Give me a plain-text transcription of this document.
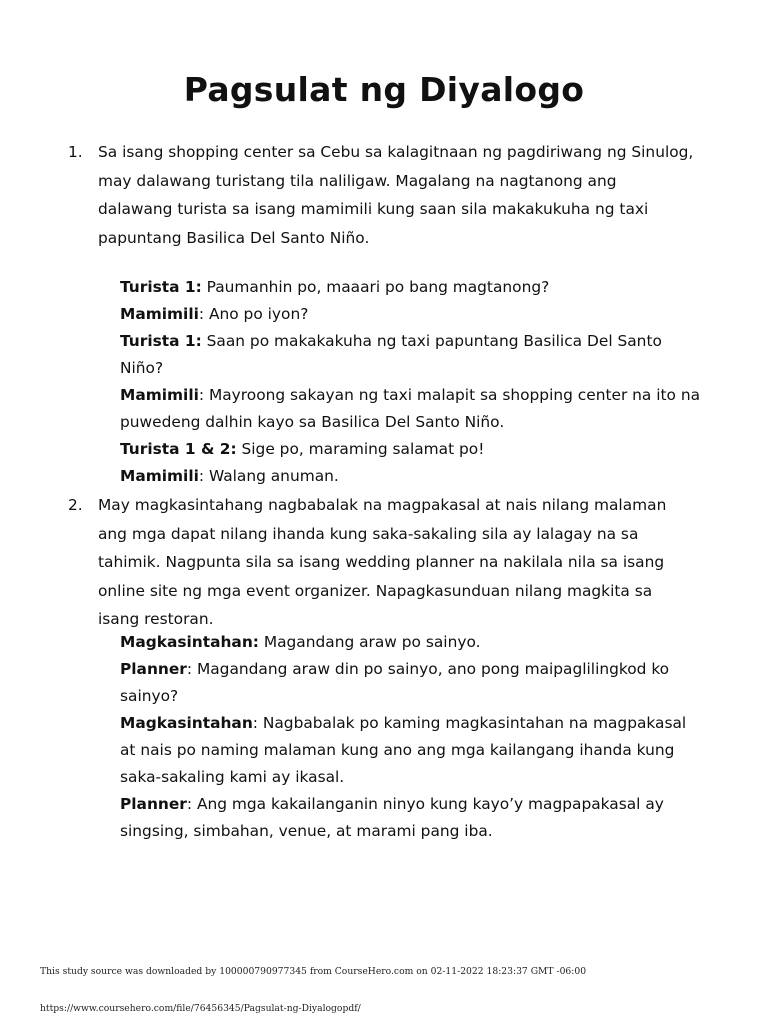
Pagsulat ng Diyalogo
1. Sa isang shopping center sa Cebu sa kalagitnaan ng pagdiriwang ng Sinulog, may dalawang turistang tila naliligaw. Magalang na nagtanong ang dalawang turista sa isang mamimili kung saan sila makakukuha ng taxi papuntang Basilica Del Santo Niño.

Turista 1: Paumanhin po, maaari po bang magtanong?

Mamimili: Ano po iyon?

Turista 1: Saan po makakakuha ng taxi papuntang Basilica Del Santo Niño?

Mamimili: Mayroong sakayan ng taxi malapit sa shopping center na ito na puwedeng dalhin kayo sa Basilica Del Santo Niño.

Turista 1 & 2: Sige po, maraming salamat po!

Mamimili: Walang anuman.

2. May magkasintahang nagbabalak na magpakasal at nais nilang malaman ang mga dapat nilang ihanda kung saka-sakaling sila ay lalagay na sa tahimik. Nagpunta sila sa isang wedding planner na nakilala nila sa isang online site ng mga event organizer. Napagkasunduan nilang magkita sa isang restoran.

Magkasintahan: Magandang araw po sainyo.

Planner: Magandang araw din po sainyo, ano pong maipaglilingkod ko sainyo?

Magkasintahan: Nagbabalak po kaming magkasintahan na magpakasal at nais po naming malaman kung ano ang mga kailangang ihanda kung saka-sakaling kami ay ikasal.

Planner: Ang mga kakailanganin ninyo kung kayo’y magpapakasal ay singsing, simbahan, venue, at marami pang iba.

This study source was downloaded by 100000790977345 from CourseHero.com on 02-11-2022 18:23:37 GMT -06:00
https://www.coursehero.com/file/76456345/Pagsulat-ng-Diyalogopdf/
